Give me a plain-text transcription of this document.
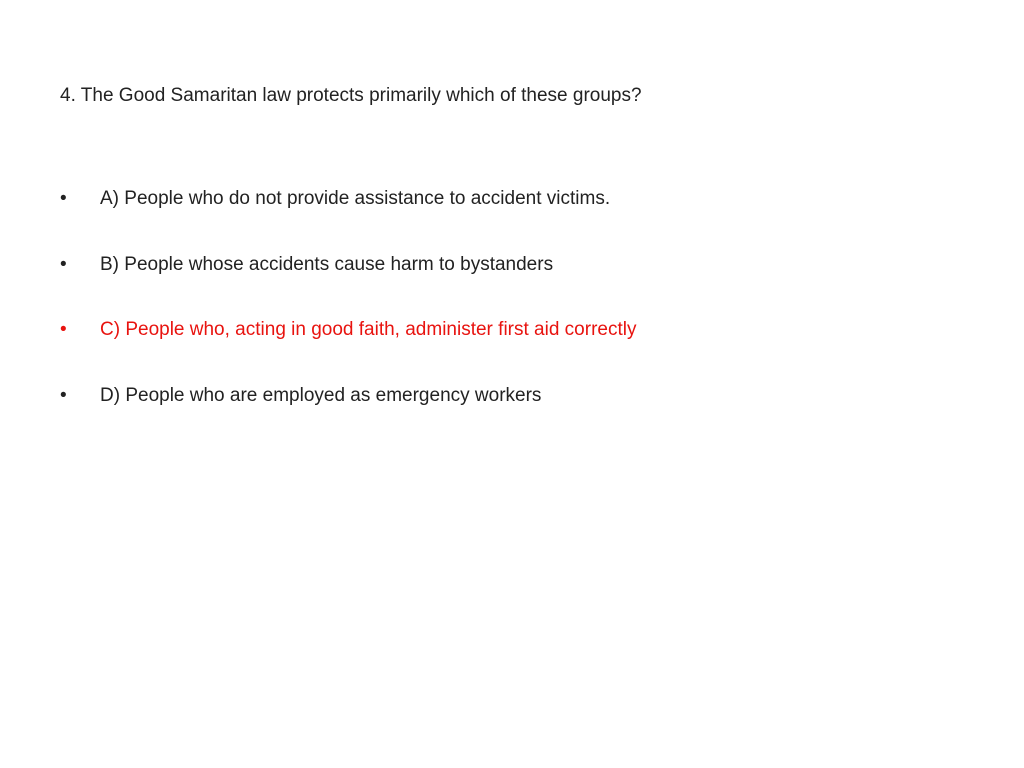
4. The Good Samaritan law protects primarily which of these groups?
•	A) People who do not provide assistance to accident victims.
•	B) People whose accidents cause harm to bystanders
•	C) People who, acting in good faith, administer first aid correctly
•	D) People who are employed as emergency workers
